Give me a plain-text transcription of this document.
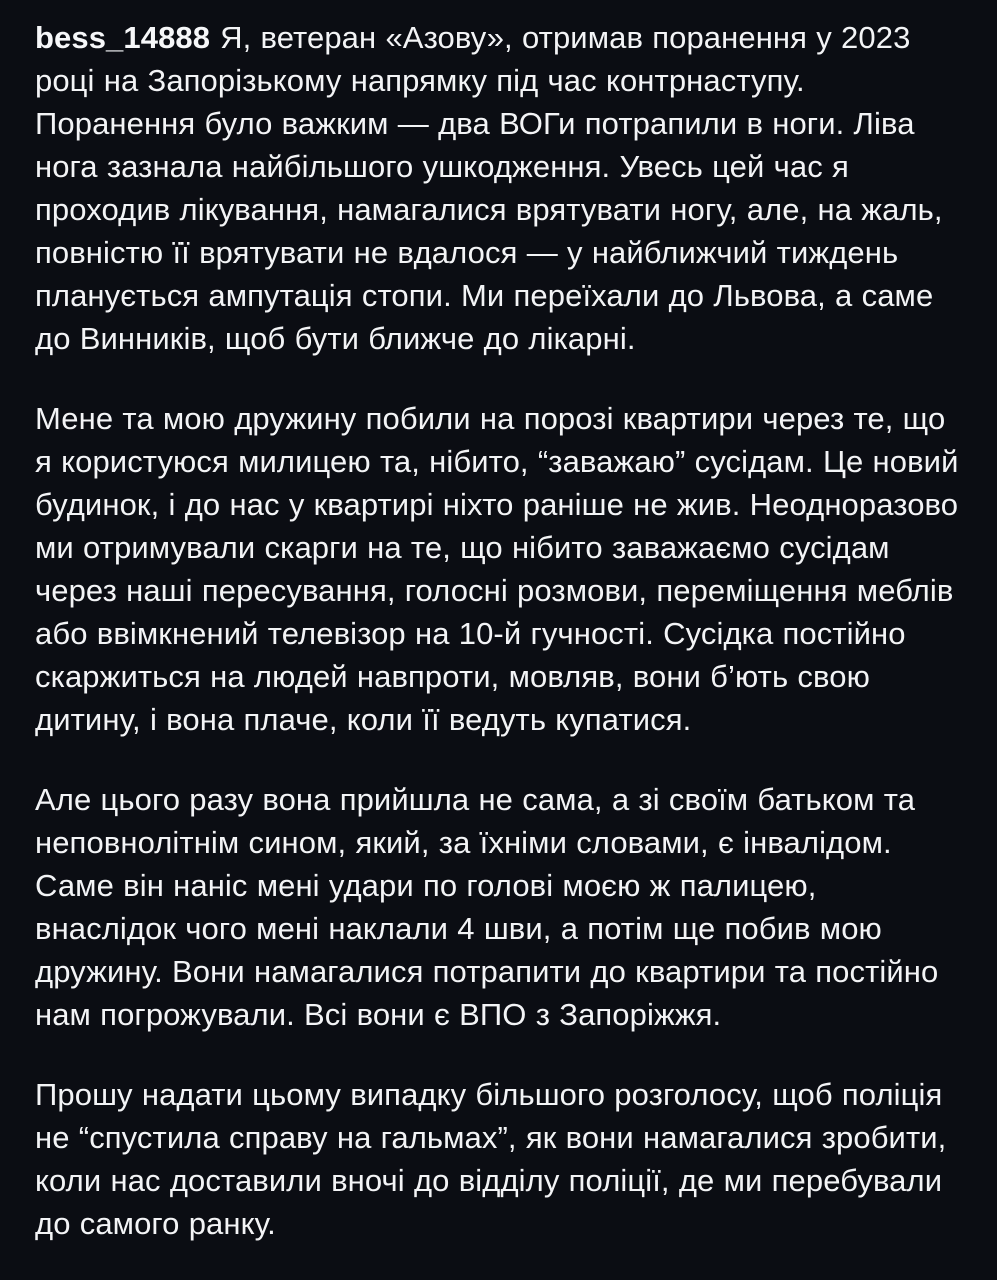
bess_14888 Я, ветеран «Азову», отримав поранення у 2023 році на Запорізькому напрямку під час контрнаступу. Поранення було важким — два ВОГи потрапили в ноги. Ліва нога зазнала найбільшого ушкодження. Увесь цей час я проходив лікування, намагалися врятувати ногу, але, на жаль, повністю її врятувати не вдалося — у найближчий тиждень планується ампутація стопи. Ми переїхали до Львова, а саме до Винників, щоб бути ближче до лікарні.

Мене та мою дружину побили на порозі квартири через те, що я користуюся милицею та, нібито, “заважаю” сусідам. Це новий будинок, і до нас у квартирі ніхто раніше не жив. Неодноразово ми отримували скарги на те, що нібито заважаємо сусідам через наші пересування, голосні розмови, переміщення меблів або ввімкнений телевізор на 10-й гучності. Сусідка постійно скаржиться на людей навпроти, мовляв, вони б’ють свою дитину, і вона плаче, коли її ведуть купатися.

Але цього разу вона прийшла не сама, а зі своїм батьком та неповнолітнім сином, який, за їхніми словами, є інвалідом. Саме він наніс мені удари по голові моєю ж палицею, внаслідок чого мені наклали 4 шви, а потім ще побив мою дружину. Вони намагалися потрапити до квартири та постійно нам погрожували. Всі вони є ВПО з Запоріжжя.

Прошу надати цьому випадку більшого розголосу, щоб поліція не “спустила справу на гальмах”, як вони намагалися зробити, коли нас доставили вночі до відділу поліції, де ми перебували до самого ранку.
